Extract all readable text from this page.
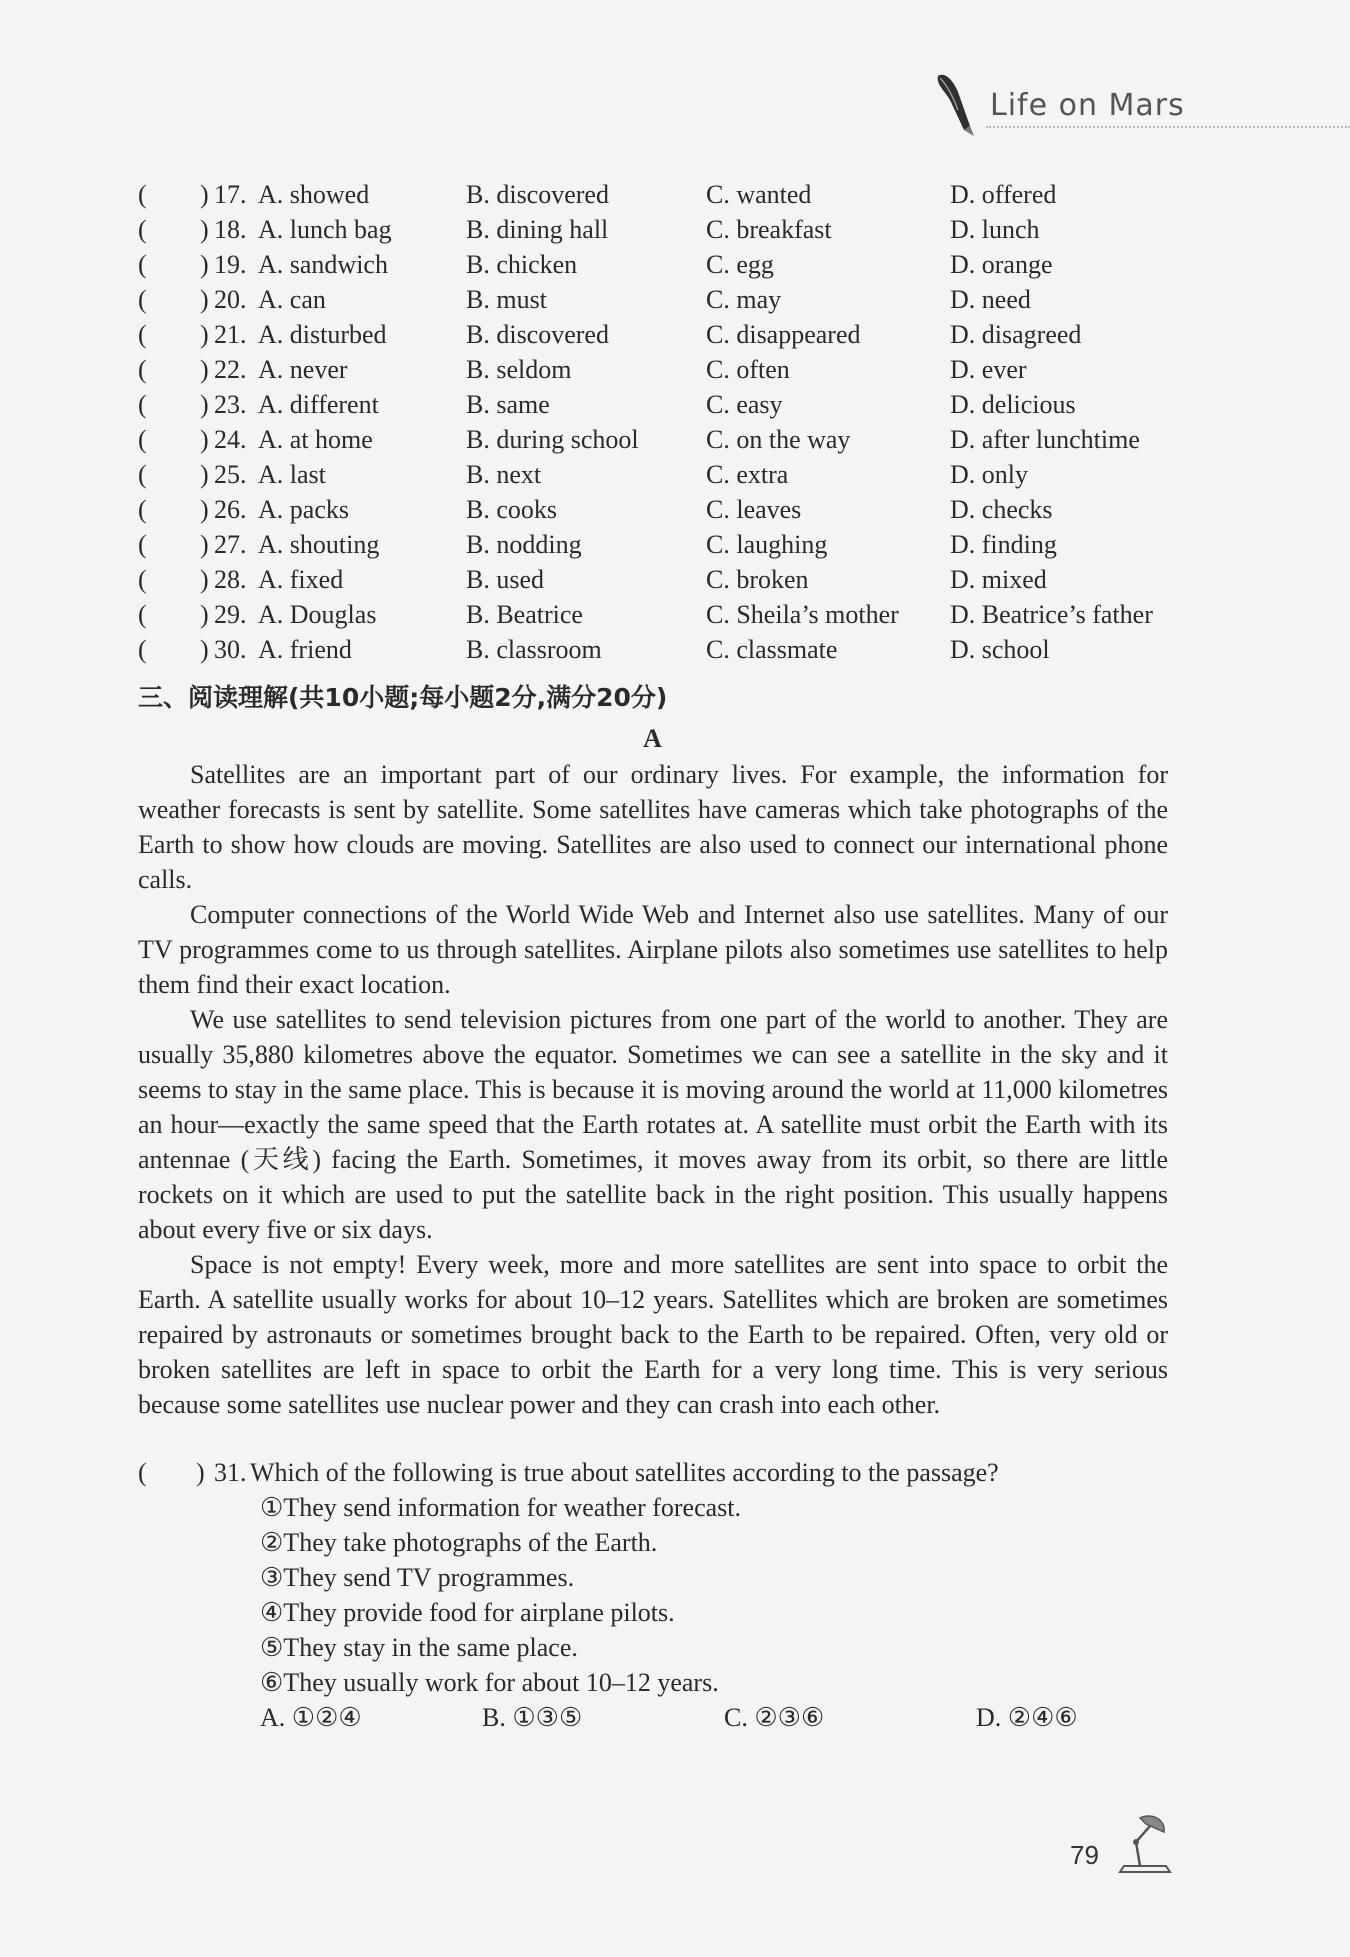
Life on Mars
( ) 17. A. showed	B. discovered	C. wanted	D. offered
( ) 18. A. lunch bag	B. dining hall	C. breakfast	D. lunch
( ) 19. A. sandwich	B. chicken	C. egg	D. orange
( ) 20. A. can	B. must	C. may	D. need
( ) 21. A. disturbed	B. discovered	C. disappeared	D. disagreed
( ) 22. A. never	B. seldom	C. often	D. ever
( ) 23. A. different	B. same	C. easy	D. delicious
( ) 24. A. at home	B. during school	C. on the way	D. after lunchtime
( ) 25. A. last	B. next	C. extra	D. only
( ) 26. A. packs	B. cooks	C. leaves	D. checks
( ) 27. A. shouting	B. nodding	C. laughing	D. finding
( ) 28. A. fixed	B. used	C. broken	D. mixed
( ) 29. A. Douglas	B. Beatrice	C. Sheila’s mother D. Beatrice’s father
( ) 30. A. friend	B. classroom	C. classmate	D. school
三、阅读理解(共10小题;每小题2分,满分20分)
A

Satellites are an important part of our ordinary lives. For example, the information for weather forecasts is sent by satellite. Some satellites have cameras which take photographs of the Earth to show how clouds are moving. Satellites are also used to connect our international phone calls.

Computer connections of the World Wide Web and Internet also use satellites. Many of our TV programmes come to us through satellites. Airplane pilots also sometimes use satellites to help them find their exact location.

We use satellites to send television pictures from one part of the world to another. They are usually 35,880 kilometres above the equator. Sometimes we can see a satellite in the sky and it seems to stay in the same place. This is because it is moving around the world at 11,000 kilometres an hour—exactly the same speed that the Earth rotates at. A satellite must orbit the Earth with its antennae (天线) facing the Earth. Sometimes, it moves away from its orbit, so there are little rockets on it which are used to put the satellite back in the right position. This usually happens about every five or six days.

Space is not empty! Every week, more and more satellites are sent into space to orbit the Earth. A satellite usually works for about 10–12 years. Satellites which are broken are sometimes repaired by astronauts or sometimes brought back to the Earth to be repaired. Often, very old or broken satellites are left in space to orbit the Earth for a very long time. This is very serious because some satellites use nuclear power and they can crash into each other.

( ) 31. Which of the following is true about satellites according to the passage?
①They send information for weather forecast.
②They take photographs of the Earth.
③They send TV programmes.
④They provide food for airplane pilots.
⑤They stay in the same place.
⑥They usually work for about 10–12 years.
A. ①②④	B. ①③⑤	C. ②③⑥	D. ②④⑥
79
